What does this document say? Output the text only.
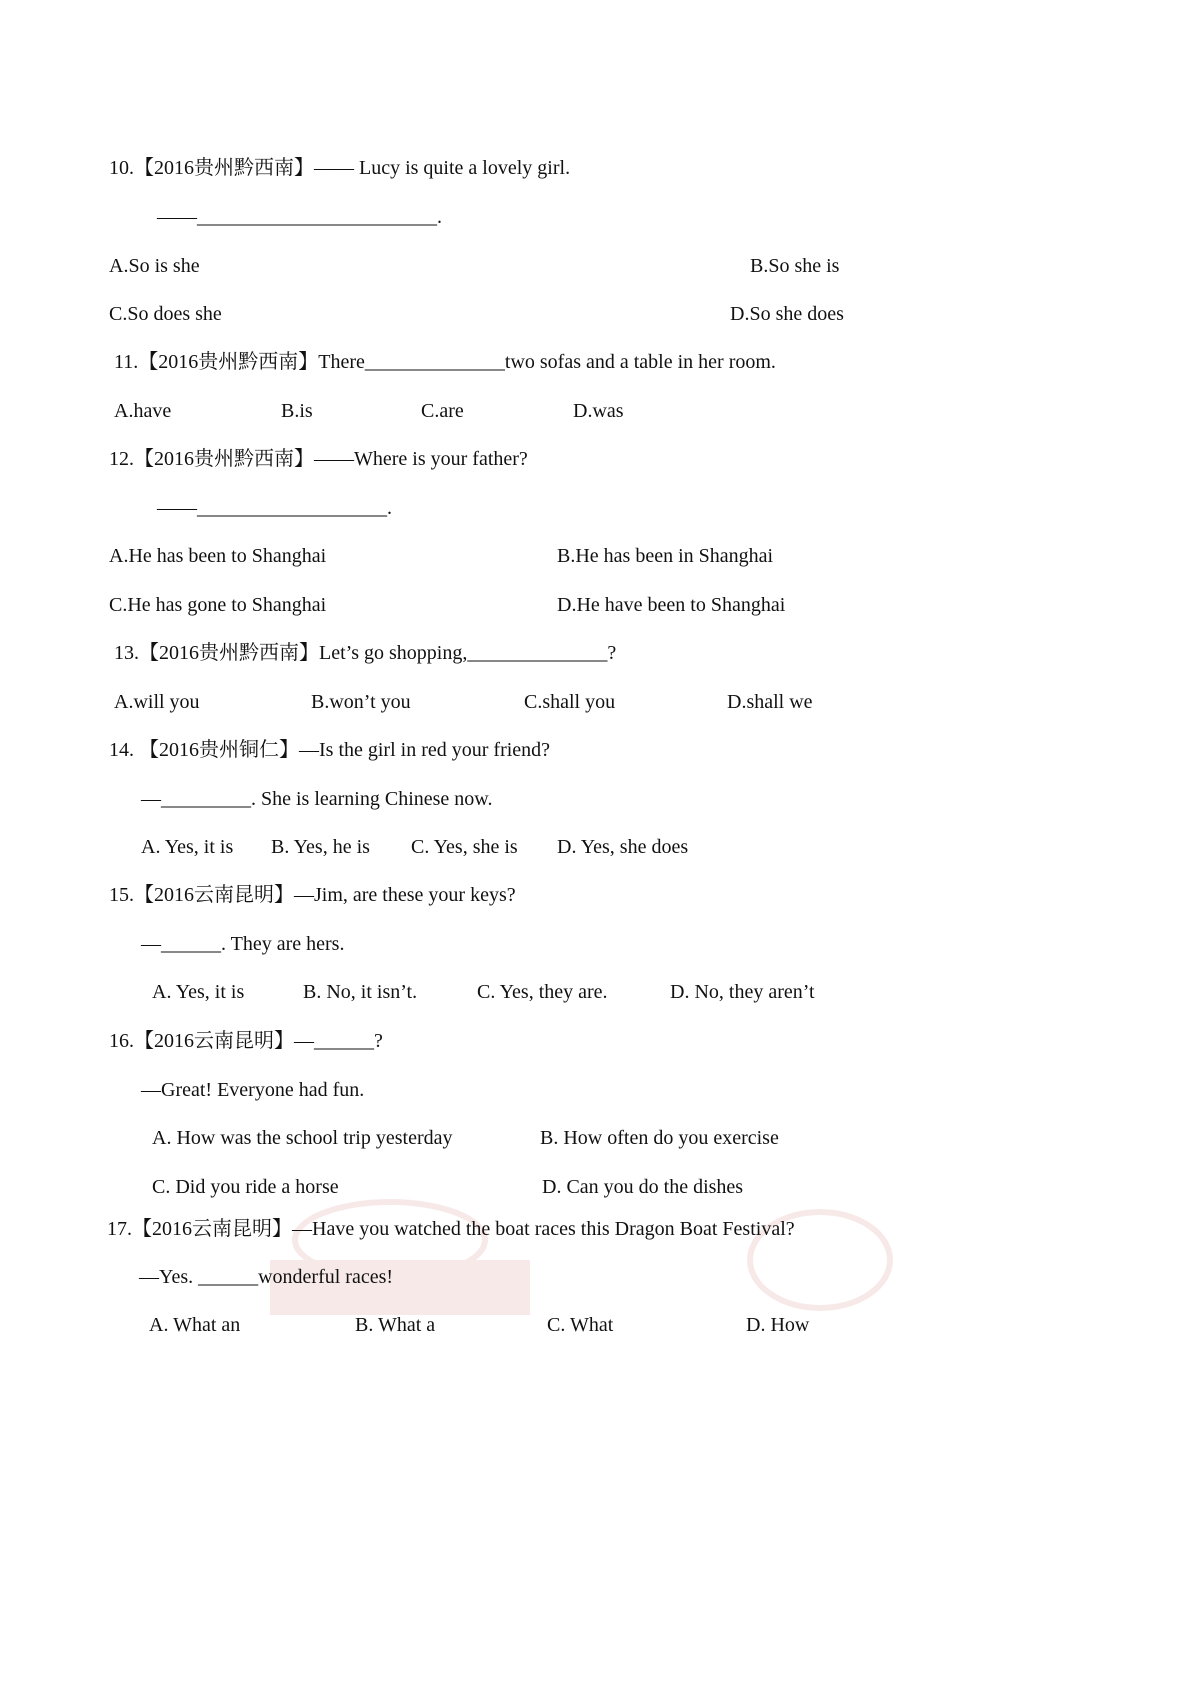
10.【2016贵州黔西南】—— Lucy is quite a lovely girl.
——________________________.
A.So is she	B.So she is
C.So does she	D.So she does
11.【2016贵州黔西南】There______________two sofas and a table in her room.
A.have	B.is	C.are	D.was
12.【2016贵州黔西南】——Where is your father?
——___________________.
A.He has been to Shanghai	B.He has been in Shanghai
C.He has gone to Shanghai	D.He have been to Shanghai
13.【2016贵州黔西南】Let’s go shopping,______________?
A.will you	B.won’t you	C.shall you	D.shall we
14. 【2016贵州铜仁】—Is the girl in red your friend?
—_________. She is learning Chinese now.
A. Yes, it is B. Yes, he is C. Yes, she is D. Yes, she does
15.【2016云南昆明】—Jim, are these your keys?
—______. They are hers.
A. Yes, it is	B. No, it isn’t.	C. Yes, they are.	D. No, they aren’t
16.【2016云南昆明】—______?
—Great! Everyone had fun.
A. How was the school trip yesterday	B. How often do you exercise
C. Did you ride a horse	D. Can you do the dishes
17.【2016云南昆明】—Have you watched the boat races this Dragon Boat Festival?
—Yes. ______wonderful races!
A. What an	B. What a	C. What	D. How
